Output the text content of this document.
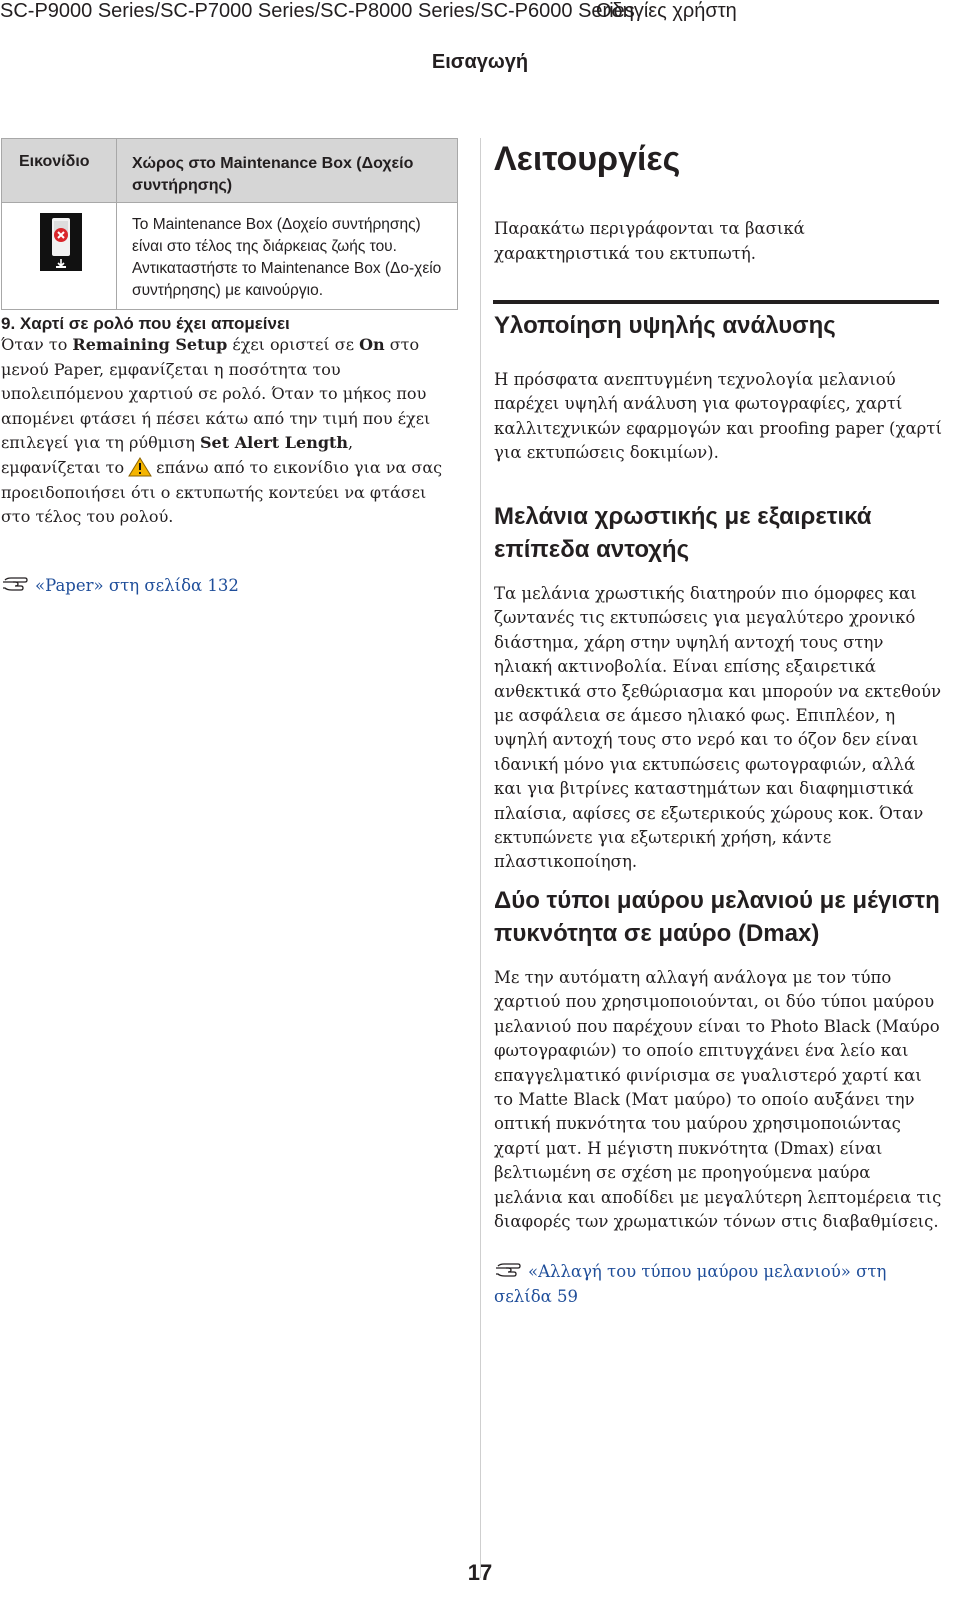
SC-P9000 Series/SC-P7000 Series/SC-P8000 Series/SC-P6000 Series
Οδηγίες χρήστη
Εισαγωγή
Εικονίδιο	Χώρος στο Maintenance Box (Δοχείο συντήρησης)
Το Maintenance Box (Δοχείο συντήρησης) είναι στο τέλος της διάρκειας ζωής του. Αντικαταστήστε το Maintenance Box (Δο-χείο συντήρησης) με καινούργιο.
9. Χαρτί σε ρολό που έχει απομείνει
Όταν το Remaining Setup έχει οριστεί σε On στο μενού Paper, εμφανίζεται η ποσότητα του υπολειπόμενου χαρτιού σε ρολό. Όταν το μήκος που απομένει φτάσει ή πέσει κάτω από την τιμή που έχει επιλεγεί για τη ρύθμιση Set Alert Length, εμφανίζεται το επάνω από το εικονίδιο για να σας προειδοποιήσει ότι ο εκτυπωτής κοντεύει να φτάσει στο τέλος του ρολού.
«Paper» στη σελίδα 132
Λειτουργίες
Παρακάτω περιγράφονται τα βασικά χαρακτηριστικά του εκτυπωτή.
Υλοποίηση υψηλής ανάλυσης
Η πρόσφατα ανεπτυγμένη τεχνολογία μελανιού παρέχει υψηλή ανάλυση για φωτογραφίες, χαρτί καλλιτεχνικών εφαρμογών και proofing paper (χαρτί για εκτυπώσεις δοκιμίων).
Μελάνια χρωστικής με εξαιρετικά επίπεδα αντοχής
Τα μελάνια χρωστικής διατηρούν πιο όμορφες και ζωντανές τις εκτυπώσεις για μεγαλύτερο χρονικό διάστημα, χάρη στην υψηλή αντοχή τους στην ηλιακή ακτινοβολία. Είναι επίσης εξαιρετικά ανθεκτικά στο ξεθώριασμα και μπορούν να εκτεθούν με ασφάλεια σε άμεσο ηλιακό φως. Επιπλέον, η υψηλή αντοχή τους στο νερό και το όζον δεν είναι ιδανική μόνο για εκτυπώσεις φωτογραφιών, αλλά και για βιτρίνες καταστημάτων και διαφημιστικά πλαίσια, αφίσες σε εξωτερικούς χώρους κοκ. Όταν εκτυπώνετε για εξωτερική χρήση, κάντε πλαστικοποίηση.
Δύο τύποι μαύρου μελανιού με μέγιστη πυκνότητα σε μαύρο (Dmax)
Με την αυτόματη αλλαγή ανάλογα με τον τύπο χαρτιού που χρησιμοποιούνται, οι δύο τύποι μαύρου μελανιού που παρέχουν είναι το Photo Black (Μαύρο φωτογραφιών) το οποίο επιτυγχάνει ένα λείο και επαγγελματικό φινίρισμα σε γυαλιστερό χαρτί και το Matte Black (Ματ μαύρο) το οποίο αυξάνει την οπτική πυκνότητα του μαύρου χρησιμοποιώντας χαρτί ματ. Η μέγιστη πυκνότητα (Dmax) είναι βελτιωμένη σε σχέση με προηγούμενα μαύρα μελάνια και αποδίδει με μεγαλύτερη λεπτομέρεια τις διαφορές των χρωματικών τόνων στις διαβαθμίσεις.
«Αλλαγή του τύπου μαύρου μελανιού» στη σελίδα 59
17
